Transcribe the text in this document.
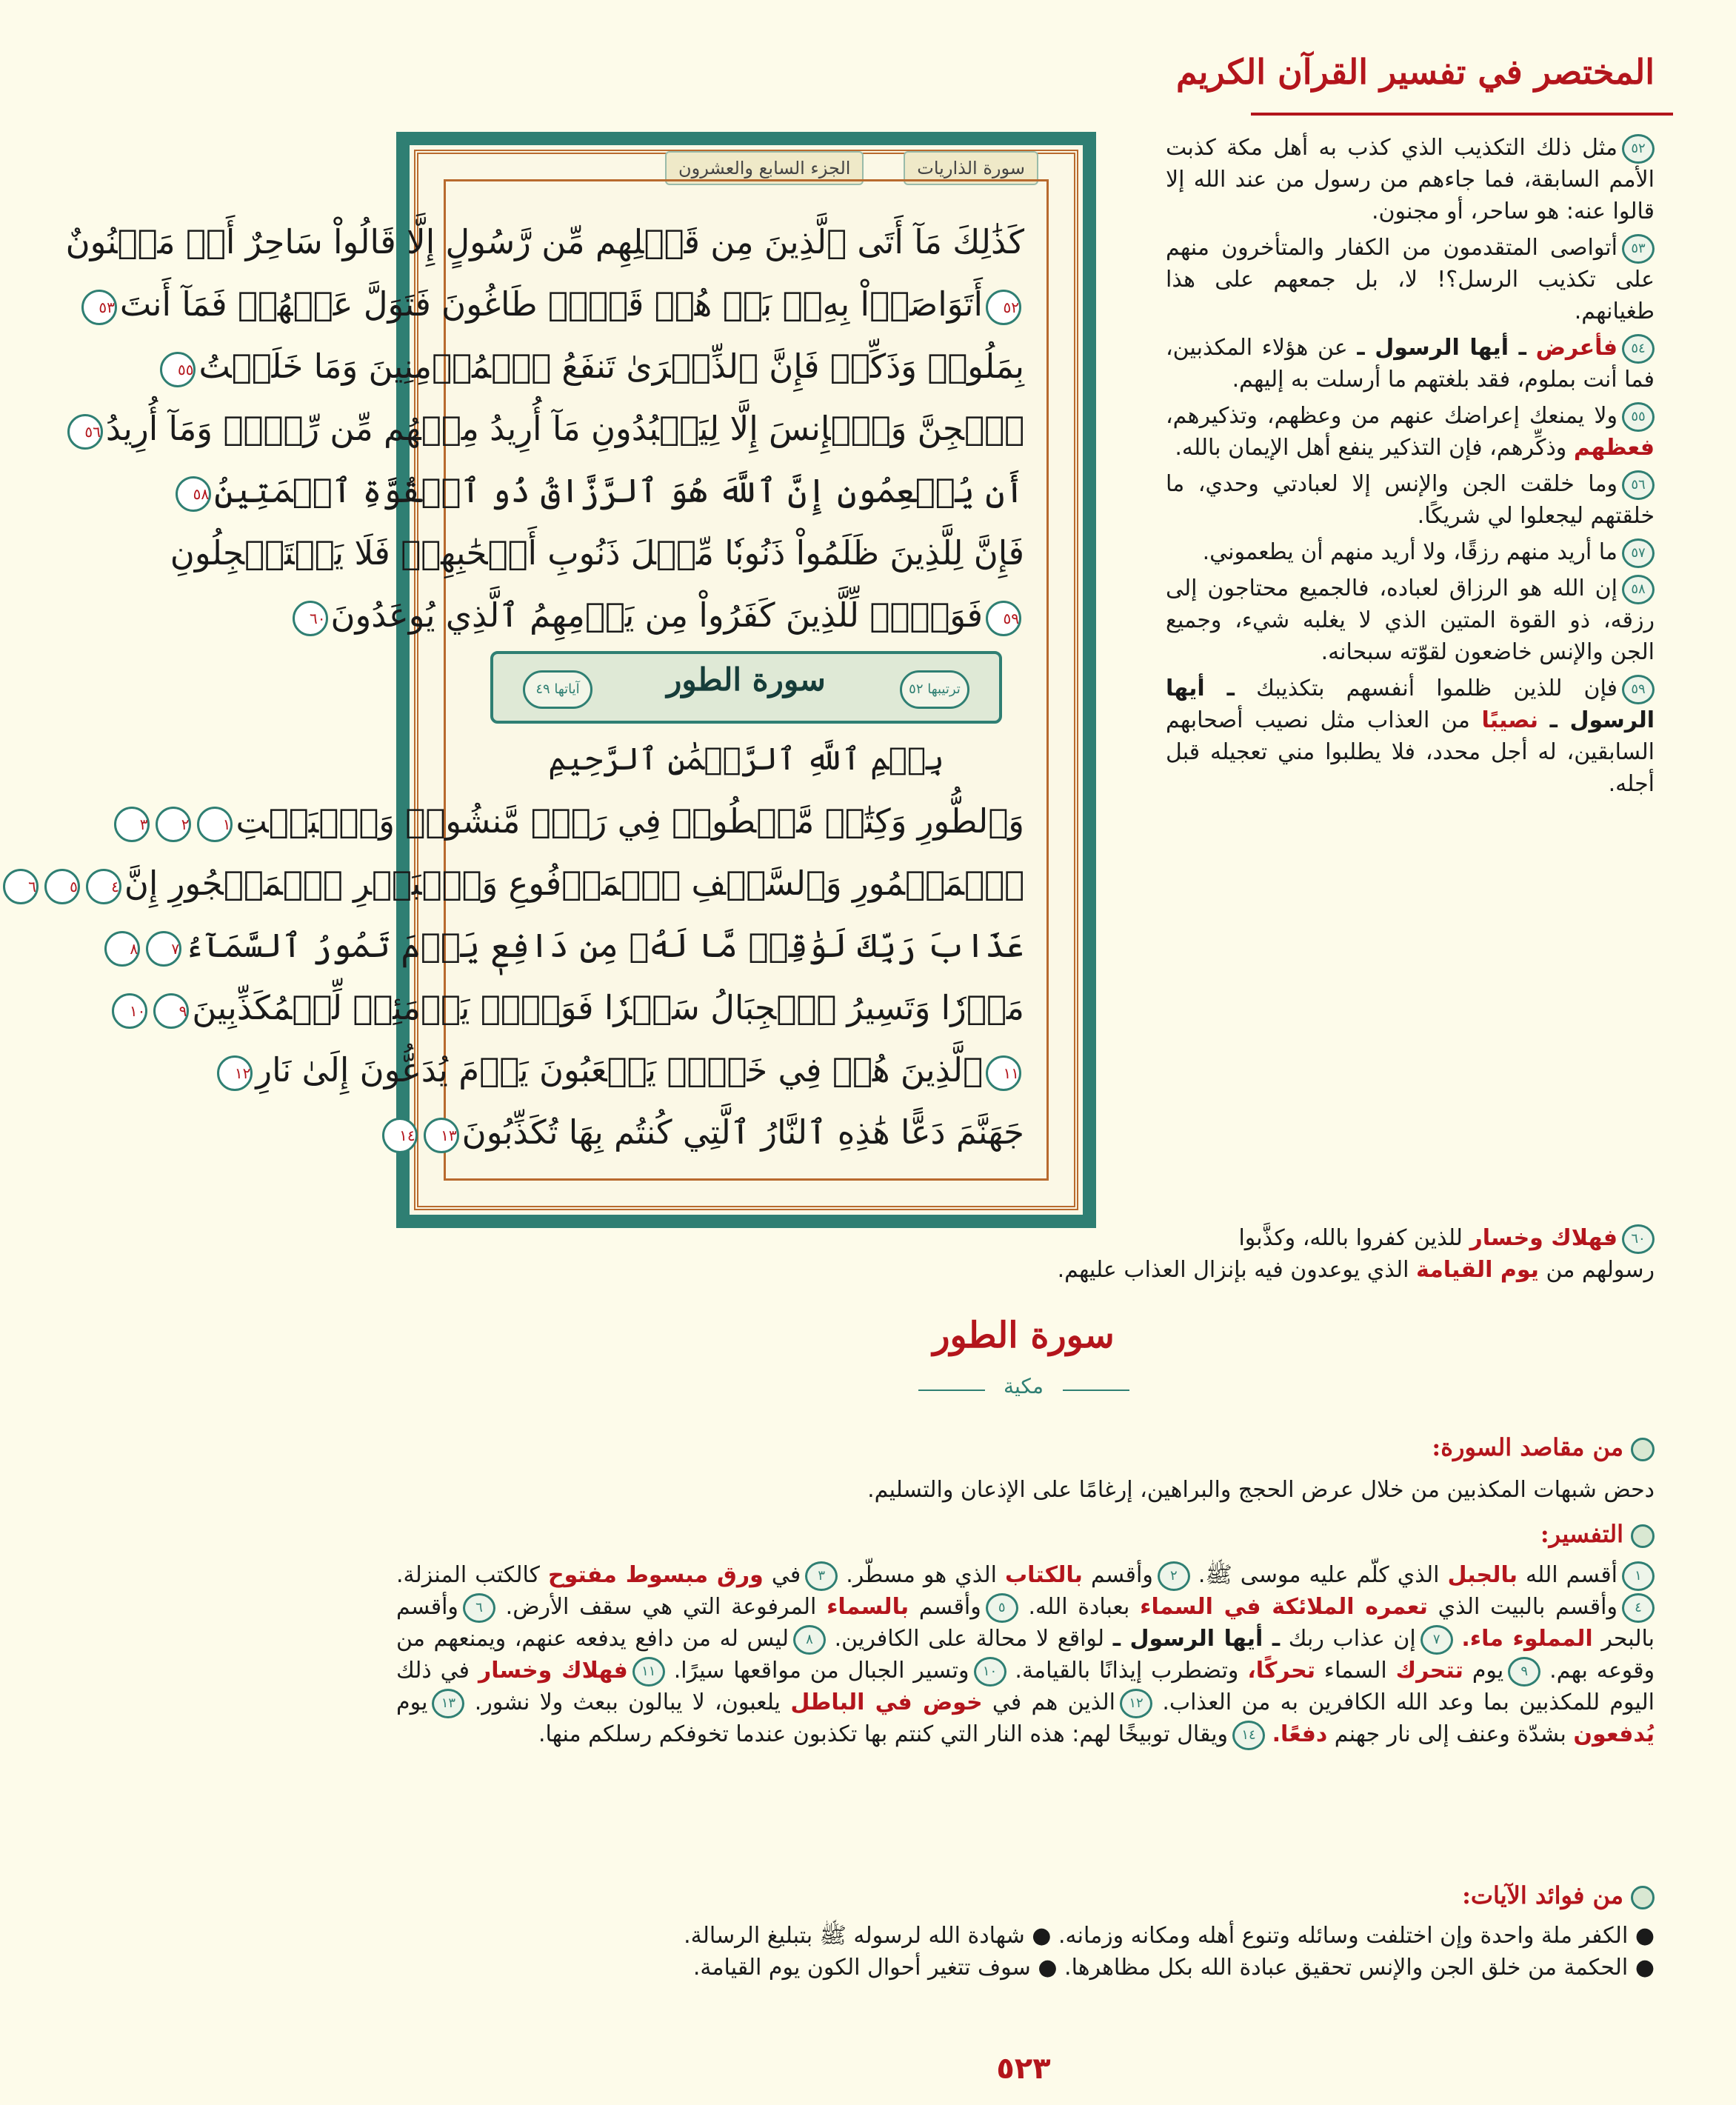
المختصر في تفسير القرآن الكريم
سورة الذاريات
الجزء السابع والعشرون
كَذَٰلِكَ مَآ أَتَى ٱلَّذِينَ مِن قَبۡلِهِم مِّن رَّسُولٍ إِلَّا قَالُواْ سَاحِرٌ أَوۡ مَجۡنُونٌ
٥٢أَتَوَاصَوۡاْ بِهِۦۚ بَلۡ هُمۡ قَوۡمٞ طَاغُونَ فَتَوَلَّ عَنۡهُمۡ فَمَآ أَنتَ٥٣
بِمَلُومٖ وَذَكِّرۡ فَإِنَّ ٱلذِّكۡرَىٰ تَنفَعُ ٱلۡمُؤۡمِنِينَ وَمَا خَلَقۡتُ٥٥
ٱلۡجِنَّ وَٱلۡإِنسَ إِلَّا لِيَعۡبُدُونِ مَآ أُرِيدُ مِنۡهُم مِّن رِّزۡقٖ وَمَآ أُرِيدُ٥٦
أَن يُطۡعِمُونِ إِنَّ ٱللَّهَ هُوَ ٱلرَّزَّاقُ ذُو ٱلۡقُوَّةِ ٱلۡمَتِينُ٥٨
فَإِنَّ لِلَّذِينَ ظَلَمُواْ ذَنُوبٗا مِّثۡلَ ذَنُوبِ أَصۡحَٰبِهِمۡ فَلَا يَسۡتَعۡجِلُونِ
٥٩فَوَيۡلٞ لِّلَّذِينَ كَفَرُواْ مِن يَوۡمِهِمُ ٱلَّذِي يُوعَدُونَ٦٠
ترتيبها ٥٢
سورة الطور
آياتها ٤٩
بِسۡمِ ٱللَّهِ ٱلرَّحۡمَٰنِ ٱلرَّحِيمِ
وَٱلطُّورِ وَكِتَٰبٖ مَّسۡطُورٖ فِي رَقّٖ مَّنشُورٖ وَٱلۡبَيۡتِ١٢٣
ٱلۡمَعۡمُورِ وَٱلسَّقۡفِ ٱلۡمَرۡفُوعِ وَٱلۡبَحۡرِ ٱلۡمَسۡجُورِ إِنَّ٤٥٦
عَذَابَ رَبِّكَ لَوَٰقِعٞ مَّا لَهُۥ مِن دَافِعٖ يَوۡمَ تَمُورُ ٱلسَّمَآءُ٧٨
مَوۡرٗا وَتَسِيرُ ٱلۡجِبَالُ سَيۡرٗا فَوَيۡلٞ يَوۡمَئِذٖ لِّلۡمُكَذِّبِينَ٩١٠
١١ٱلَّذِينَ هُمۡ فِي خَوۡضٖ يَلۡعَبُونَ يَوۡمَ يُدَعُّونَ إِلَىٰ نَارِ١٢
جَهَنَّمَ دَعًّا هَٰذِهِ ٱلنَّارُ ٱلَّتِي كُنتُم بِهَا تُكَذِّبُونَ١٣١٤

٥٢مثل ذلك التكذيب الذي كذب به أهل مكة كذبت الأمم السابقة، فما جاءهم من رسول من عند الله إلا قالوا عنه: هو ساحر، أو مجنون.

٥٣أتواصى المتقدمون من الكفار والمتأخرون منهم على تكذيب الرسل؟! لا، بل جمعهم على هذا طغيانهم.

٥٤فأعرض ـ أيها الرسول ـ عن هؤلاء المكذبين، فما أنت بملوم، فقد بلغتهم ما أرسلت به إليهم.

٥٥ولا يمنعك إعراضك عنهم من وعظهم، وتذكيرهم، فعظهم وذكِّرهم، فإن التذكير ينفع أهل الإيمان بالله.

٥٦وما خلقت الجن والإنس إلا لعبادتي وحدي، ما خلقتهم ليجعلوا لي شريكًا.

٥٧ما أريد منهم رزقًا، ولا أريد منهم أن يطعموني.

٥٨إن الله هو الرزاق لعباده، فالجميع محتاجون إلى رزقه، ذو القوة المتين الذي لا يغلبه شيء، وجميع الجن والإنس خاضعون لقوّته سبحانه.

٥٩فإن للذين ظلموا أنفسهم بتكذيبك ـ أيها الرسول ـ نصيبًا من العذاب مثل نصيب أصحابهم السابقين، له أجل محدد، فلا يطلبوا مني تعجيله قبل أجله.

٦٠فهلاك وخسار للذين كفروا بالله، وكذَّبوا
رسولهم من يوم القيامة الذي يوعدون فيه بإنزال العذاب عليهم.
سورة الطور
مكية
من مقاصد السورة:
دحض شبهات المكذبين من خلال عرض الحجج والبراهين، إرغامًا على الإذعان والتسليم.
التفسير:
١أقسم الله بالجبل الذي كلّم عليه موسى ﷺ. ٢وأقسم بالكتاب الذي هو مسطّر. ٣في ورق مبسوط مفتوح كالكتب المنزلة. ٤وأقسم بالبيت الذي تعمره الملائكة في السماء بعبادة الله. ٥وأقسم بالسماء المرفوعة التي هي سقف الأرض. ٦وأقسم بالبحر المملوء ماء. ٧إن عذاب ربك ـ أيها الرسول ـ لواقع لا محالة على الكافرين. ٨ليس له من دافع يدفعه عنهم، ويمنعهم من وقوعه بهم. ٩يوم تتحرك السماء تحركًا، وتضطرب إيذانًا بالقيامة. ١٠وتسير الجبال من مواقعها سيرًا. ١١فهلاك وخسار في ذلك اليوم للمكذبين بما وعد الله الكافرين به من العذاب. ١٢الذين هم في خوض في الباطل يلعبون، لا يبالون ببعث ولا نشور. ١٣يوم يُدفعون بشدّة وعنف إلى نار جهنم دفعًا. ١٤ويقال توبيخًا لهم: هذه النار التي كنتم بها تكذبون عندما تخوفكم رسلكم منها.
من فوائد الآيات:
● الكفر ملة واحدة وإن اختلفت وسائله وتنوع أهله ومكانه وزمانه. ● شهادة الله لرسوله ﷺ بتبليغ الرسالة.
● الحكمة من خلق الجن والإنس تحقيق عبادة الله بكل مظاهرها. ● سوف تتغير أحوال الكون يوم القيامة.
٥٢٣
